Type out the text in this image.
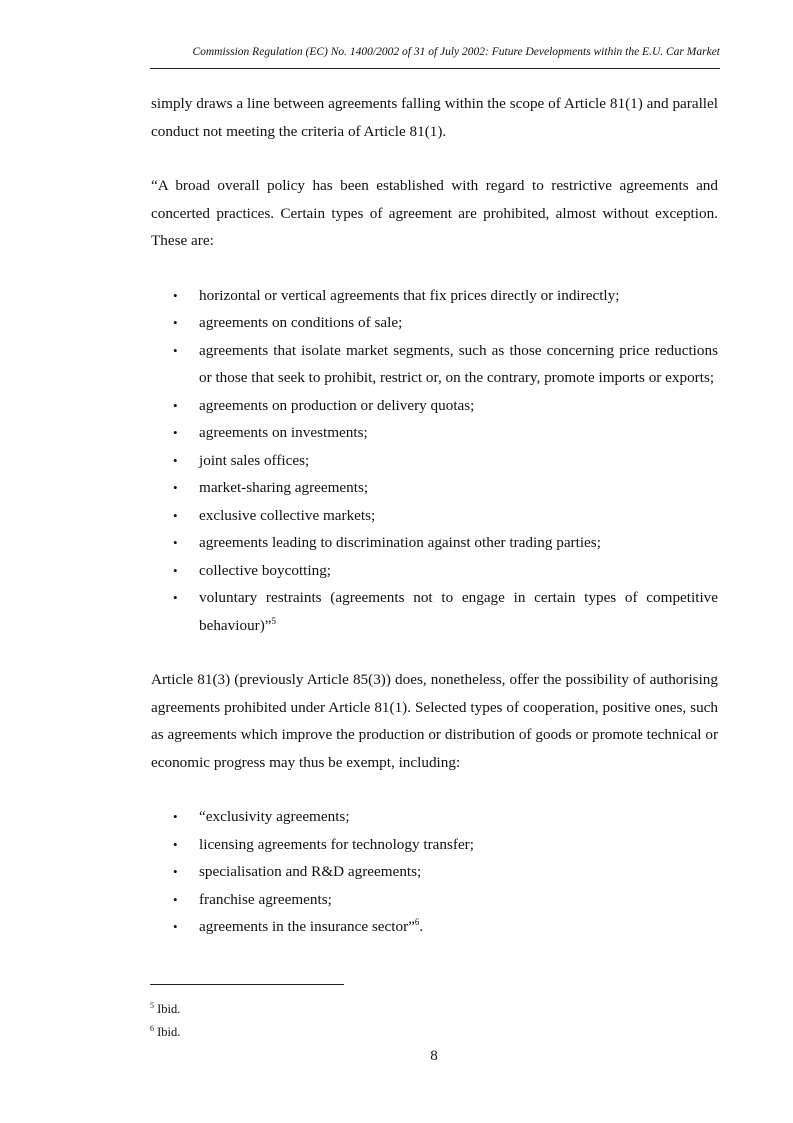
Commission Regulation (EC) No. 1400/2002 of 31 of July 2002: Future Developments within the E.U. Car Market

simply draws a line between agreements falling within the scope of Article 81(1) and parallel conduct not meeting the criteria of Article 81(1).

“A broad overall policy has been established with regard to restrictive agreements and concerted practices. Certain types of agreement are prohibited, almost without exception. These are:

• horizontal or vertical agreements that fix prices directly or indirectly;
• agreements on conditions of sale;
• agreements that isolate market segments, such as those concerning price reductions or those that seek to prohibit, restrict or, on the contrary, promote imports or exports;
• agreements on production or delivery quotas;
• agreements on investments;
• joint sales offices;
• market-sharing agreements;
• exclusive collective markets;
• agreements leading to discrimination against other trading parties;
• collective boycotting;
• voluntary restraints (agreements not to engage in certain types of competitive behaviour)”$^5$

Article 81(3) (previously Article 85(3)) does, nonetheless, offer the possibility of authorising agreements prohibited under Article 81(1). Selected types of cooperation, positive ones, such as agreements which improve the production or distribution of goods or promote technical or economic progress may thus be exempt, including:

• “exclusivity agreements;
• licensing agreements for technology transfer;
• specialisation and R&D agreements;
• franchise agreements;
• agreements in the insurance sector”$^6$.
$^5$ Ibid.
$^6$ Ibid.
8
